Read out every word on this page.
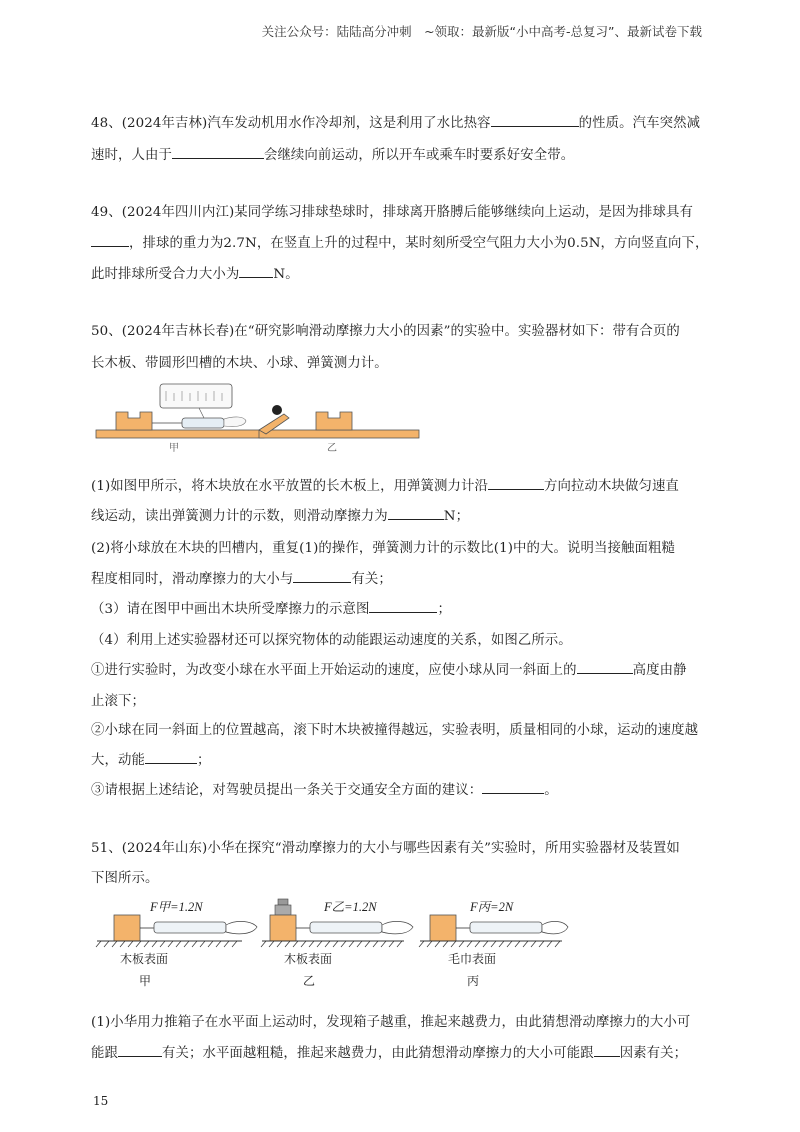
关注公众号：陆陆高分冲刺　~领取：最新版“小中高考-总复习”、最新试卷下载
48、(2024年吉林)汽车发动机用水作冷却剂，这是利用了水比热容	的性质。汽车突然减
速时，人由于	会继续向前运动，所以开车或乘车时要系好安全带。
49、(2024年四川内江)某同学练习排球垫球时，排球离开胳膊后能够继续向上运动，是因为排球具有
，排球的重力为2.7N，在竖直上升的过程中，某时刻所受空气阻力大小为0.5N，方向竖直向下，
此时排球所受合力大小为	N。
50、(2024年吉林长春)在“研究影响滑动摩擦力大小的因素”的实验中。实验器材如下：带有合页的
长木板、带圆形凹槽的木块、小球、弹簧测力计。
甲	乙
(1)如图甲所示，将木块放在水平放置的长木板上，用弹簧测力计沿	方向拉动木块做匀速直
线运动，读出弹簧测力计的示数，则滑动摩擦力为	N；
(2)将小球放在木块的凹槽内，重复(1)的操作，弹簧测力计的示数比(1)中的大。说明当接触面粗糙
程度相同时，滑动摩擦力的大小与	有关；
（3）请在图甲中画出木块所受摩擦力的示意图	；
（4）利用上述实验器材还可以探究物体的动能跟运动速度的关系，如图乙所示。
①进行实验时，为改变小球在水平面上开始运动的速度，应使小球从同一斜面上的	高度由静
止滚下；
②小球在同一斜面上的位置越高，滚下时木块被撞得越远，实验表明，质量相同的小球，运动的速度越
大，动能	；
③请根据上述结论，对驾驶员提出一条关于交通安全方面的建议：	。
51、(2024年山东)小华在探究“滑动摩擦力的大小与哪些因素有关”实验时，所用实验器材及装置如
下图所示。
F甲=1.2N
木板表面
甲
F乙=1.2N
木板表面
乙
F丙=2N
毛巾表面
丙
(1)小华用力推箱子在水平面上运动时，发现箱子越重，推起来越费力，由此猜想滑动摩擦力的大小可
能跟	有关；水平面越粗糙，推起来越费力，由此猜想滑动摩擦力的大小可能跟 因素有关；
15
